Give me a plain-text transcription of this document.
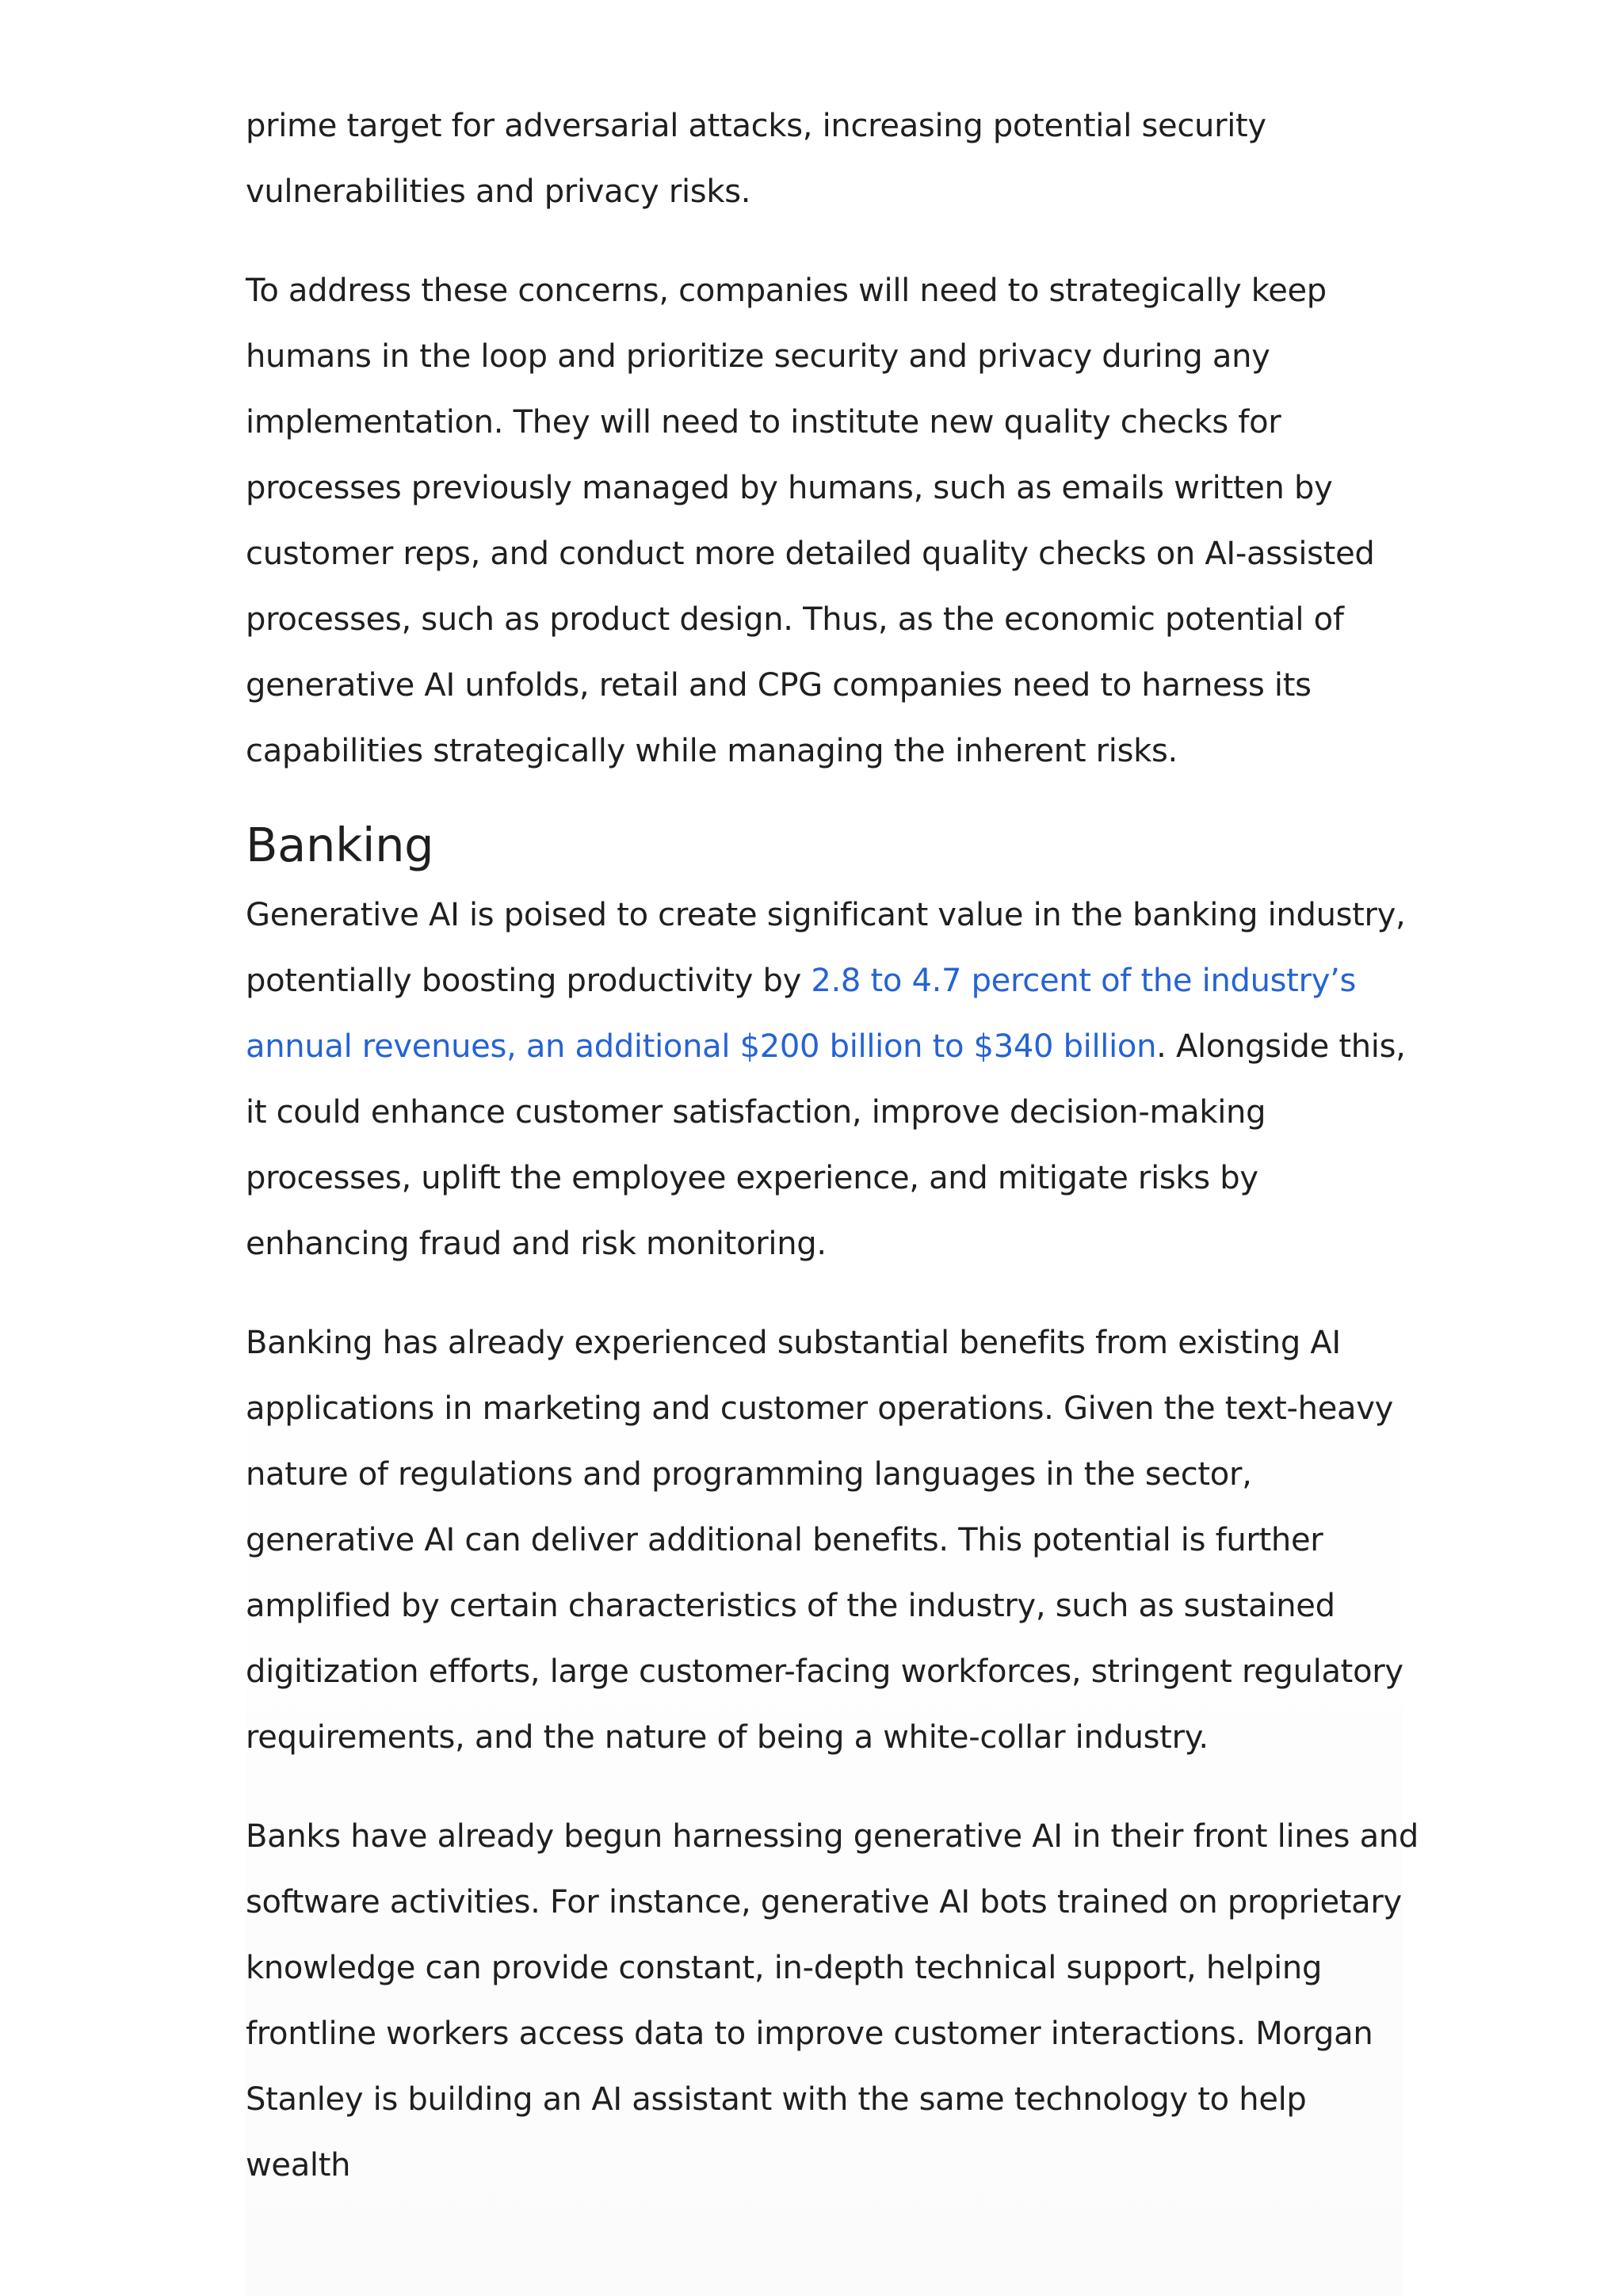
prime target for adversarial attacks, increasing potential security vulnerabilities and privacy risks.

To address these concerns, companies will need to strategically keep humans in the loop and prioritize security and privacy during any implementation. They will need to institute new quality checks for processes previously managed by humans, such as emails written by customer reps, and conduct more detailed quality checks on AI-assisted processes, such as product design. Thus, as the economic potential of generative AI unfolds, retail and CPG companies need to harness its capabilities strategically while managing the inherent risks.

Banking

Generative AI is poised to create significant value in the banking industry, potentially boosting productivity by 2.8 to 4.7 percent of the industry’s annual revenues, an additional $200 billion to $340 billion. Alongside this, it could enhance customer satisfaction, improve decision-making processes, uplift the employee experience, and mitigate risks by enhancing fraud and risk monitoring.

Banking has already experienced substantial benefits from existing AI applications in marketing and customer operations. Given the text-heavy nature of regulations and programming languages in the sector, generative AI can deliver additional benefits. This potential is further amplified by certain characteristics of the industry, such as sustained digitization efforts, large customer-facing workforces, stringent regulatory requirements, and the nature of being a white-collar industry.

Banks have already begun harnessing generative AI in their front lines and software activities. For instance, generative AI bots trained on proprietary knowledge can provide constant, in-depth technical support, helping frontline workers access data to improve customer interactions. Morgan Stanley is building an AI assistant with the same technology to help wealth
